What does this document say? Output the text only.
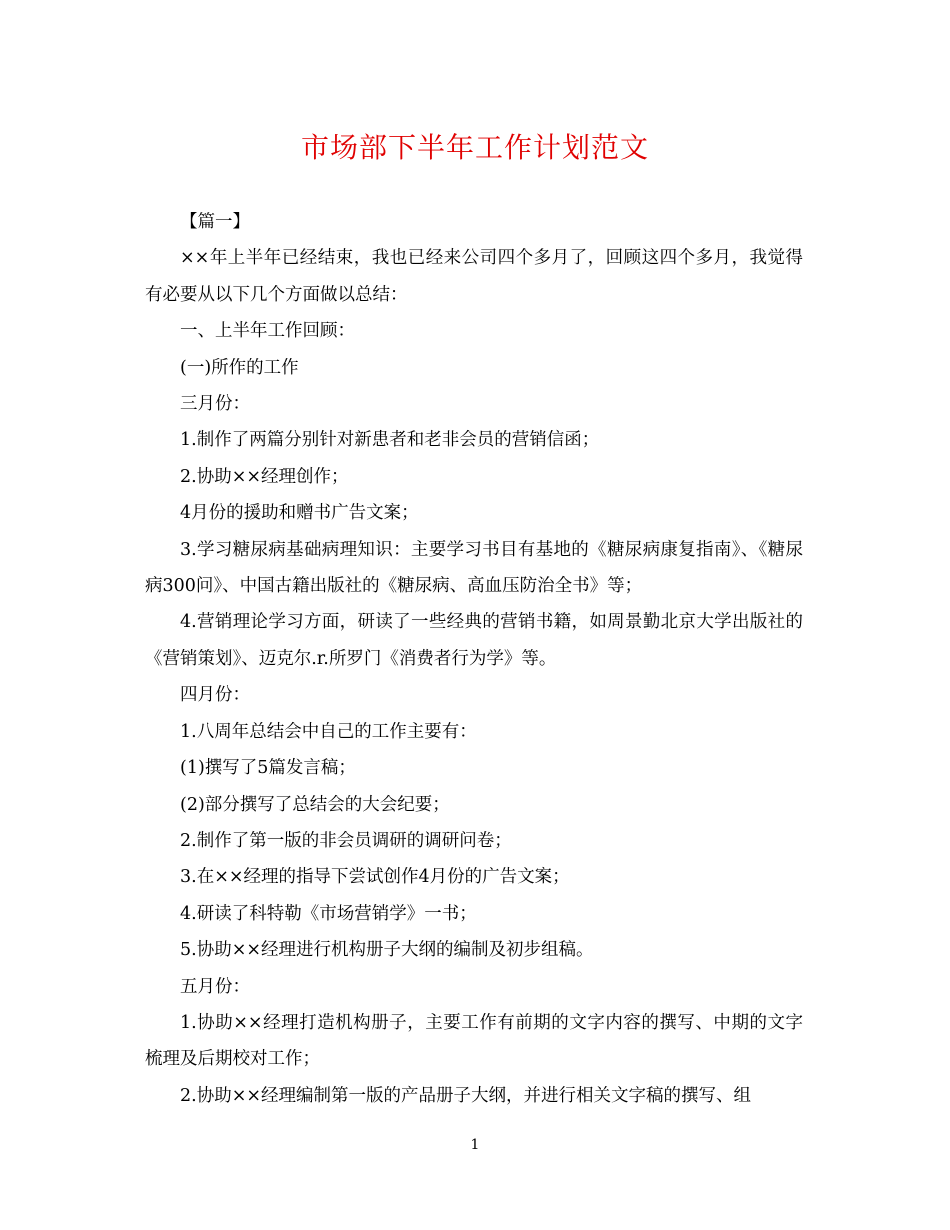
市场部下半年工作计划范文

【篇一】

××年上半年已经结束，我也已经来公司四个多月了，回顾这四个多月，我觉得有必要从以下几个方面做以总结：

一、上半年工作回顾：

(一)所作的工作

三月份：

1.制作了两篇分别针对新患者和老非会员的营销信函；

2.协助××经理创作；

4月份的援助和赠书广告文案；

3.学习糖尿病基础病理知识：主要学习书目有基地的《糖尿病康复指南》、《糖尿病300问》、中国古籍出版社的《糖尿病、高血压防治全书》等；

4.营销理论学习方面，研读了一些经典的营销书籍，如周景勤北京大学出版社的《营销策划》、迈克尔.r.所罗门《消费者行为学》等。

四月份：

1.八周年总结会中自己的工作主要有：

(1)撰写了5篇发言稿；

(2)部分撰写了总结会的大会纪要；

2.制作了第一版的非会员调研的调研问卷；

3.在××经理的指导下尝试创作4月份的广告文案；

4.研读了科特勒《市场营销学》一书；

5.协助××经理进行机构册子大纲的编制及初步组稿。

五月份：

1.协助××经理打造机构册子，主要工作有前期的文字内容的撰写、中期的文字梳理及后期校对工作；

2.协助××经理编制第一版的产品册子大纲，并进行相关文字稿的撰写、组

1
